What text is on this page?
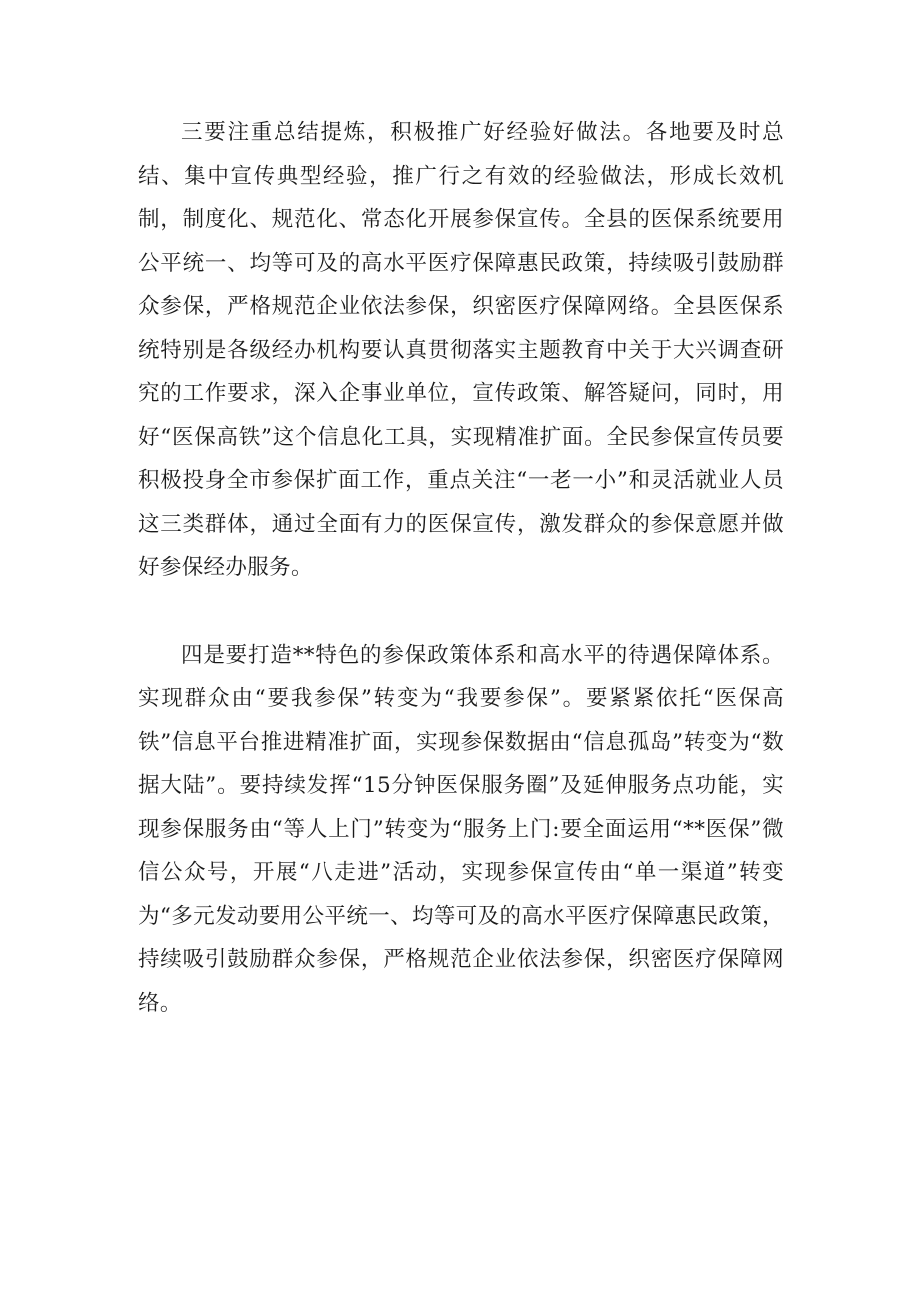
三要注重总结提炼，积极推广好经验好做法。各地要及时总结、集中宣传典型经验，推广行之有效的经验做法，形成长效机制，制度化、规范化、常态化开展参保宣传。全县的医保系统要用公平统一、均等可及的高水平医疗保障惠民政策，持续吸引鼓励群众参保，严格规范企业依法参保，织密医疗保障网络。全县医保系统特别是各级经办机构要认真贯彻落实主题教育中关于大兴调查研究的工作要求，深入企事业单位，宣传政策、解答疑问，同时，用好“医保高铁”这个信息化工具，实现精准扩面。全民参保宣传员要积极投身全市参保扩面工作，重点关注“一老一小”和灵活就业人员这三类群体，通过全面有力的医保宣传，激发群众的参保意愿并做好参保经办服务。

四是要打造**特色的参保政策体系和高水平的待遇保障体系。实现群众由“要我参保”转变为“我要参保”。要紧紧依托“医保高铁”信息平台推进精准扩面，实现参保数据由“信息孤岛”转变为“数据大陆”。要持续发挥“15分钟医保服务圈”及延伸服务点功能，实现参保服务由“等人上门”转变为“服务上门:要全面运用“**医保”微信公众号，开展“八走进”活动，实现参保宣传由“单一渠道”转变为“多元发动要用公平统一、均等可及的高水平医疗保障惠民政策，持续吸引鼓励群众参保，严格规范企业依法参保，织密医疗保障网络。
